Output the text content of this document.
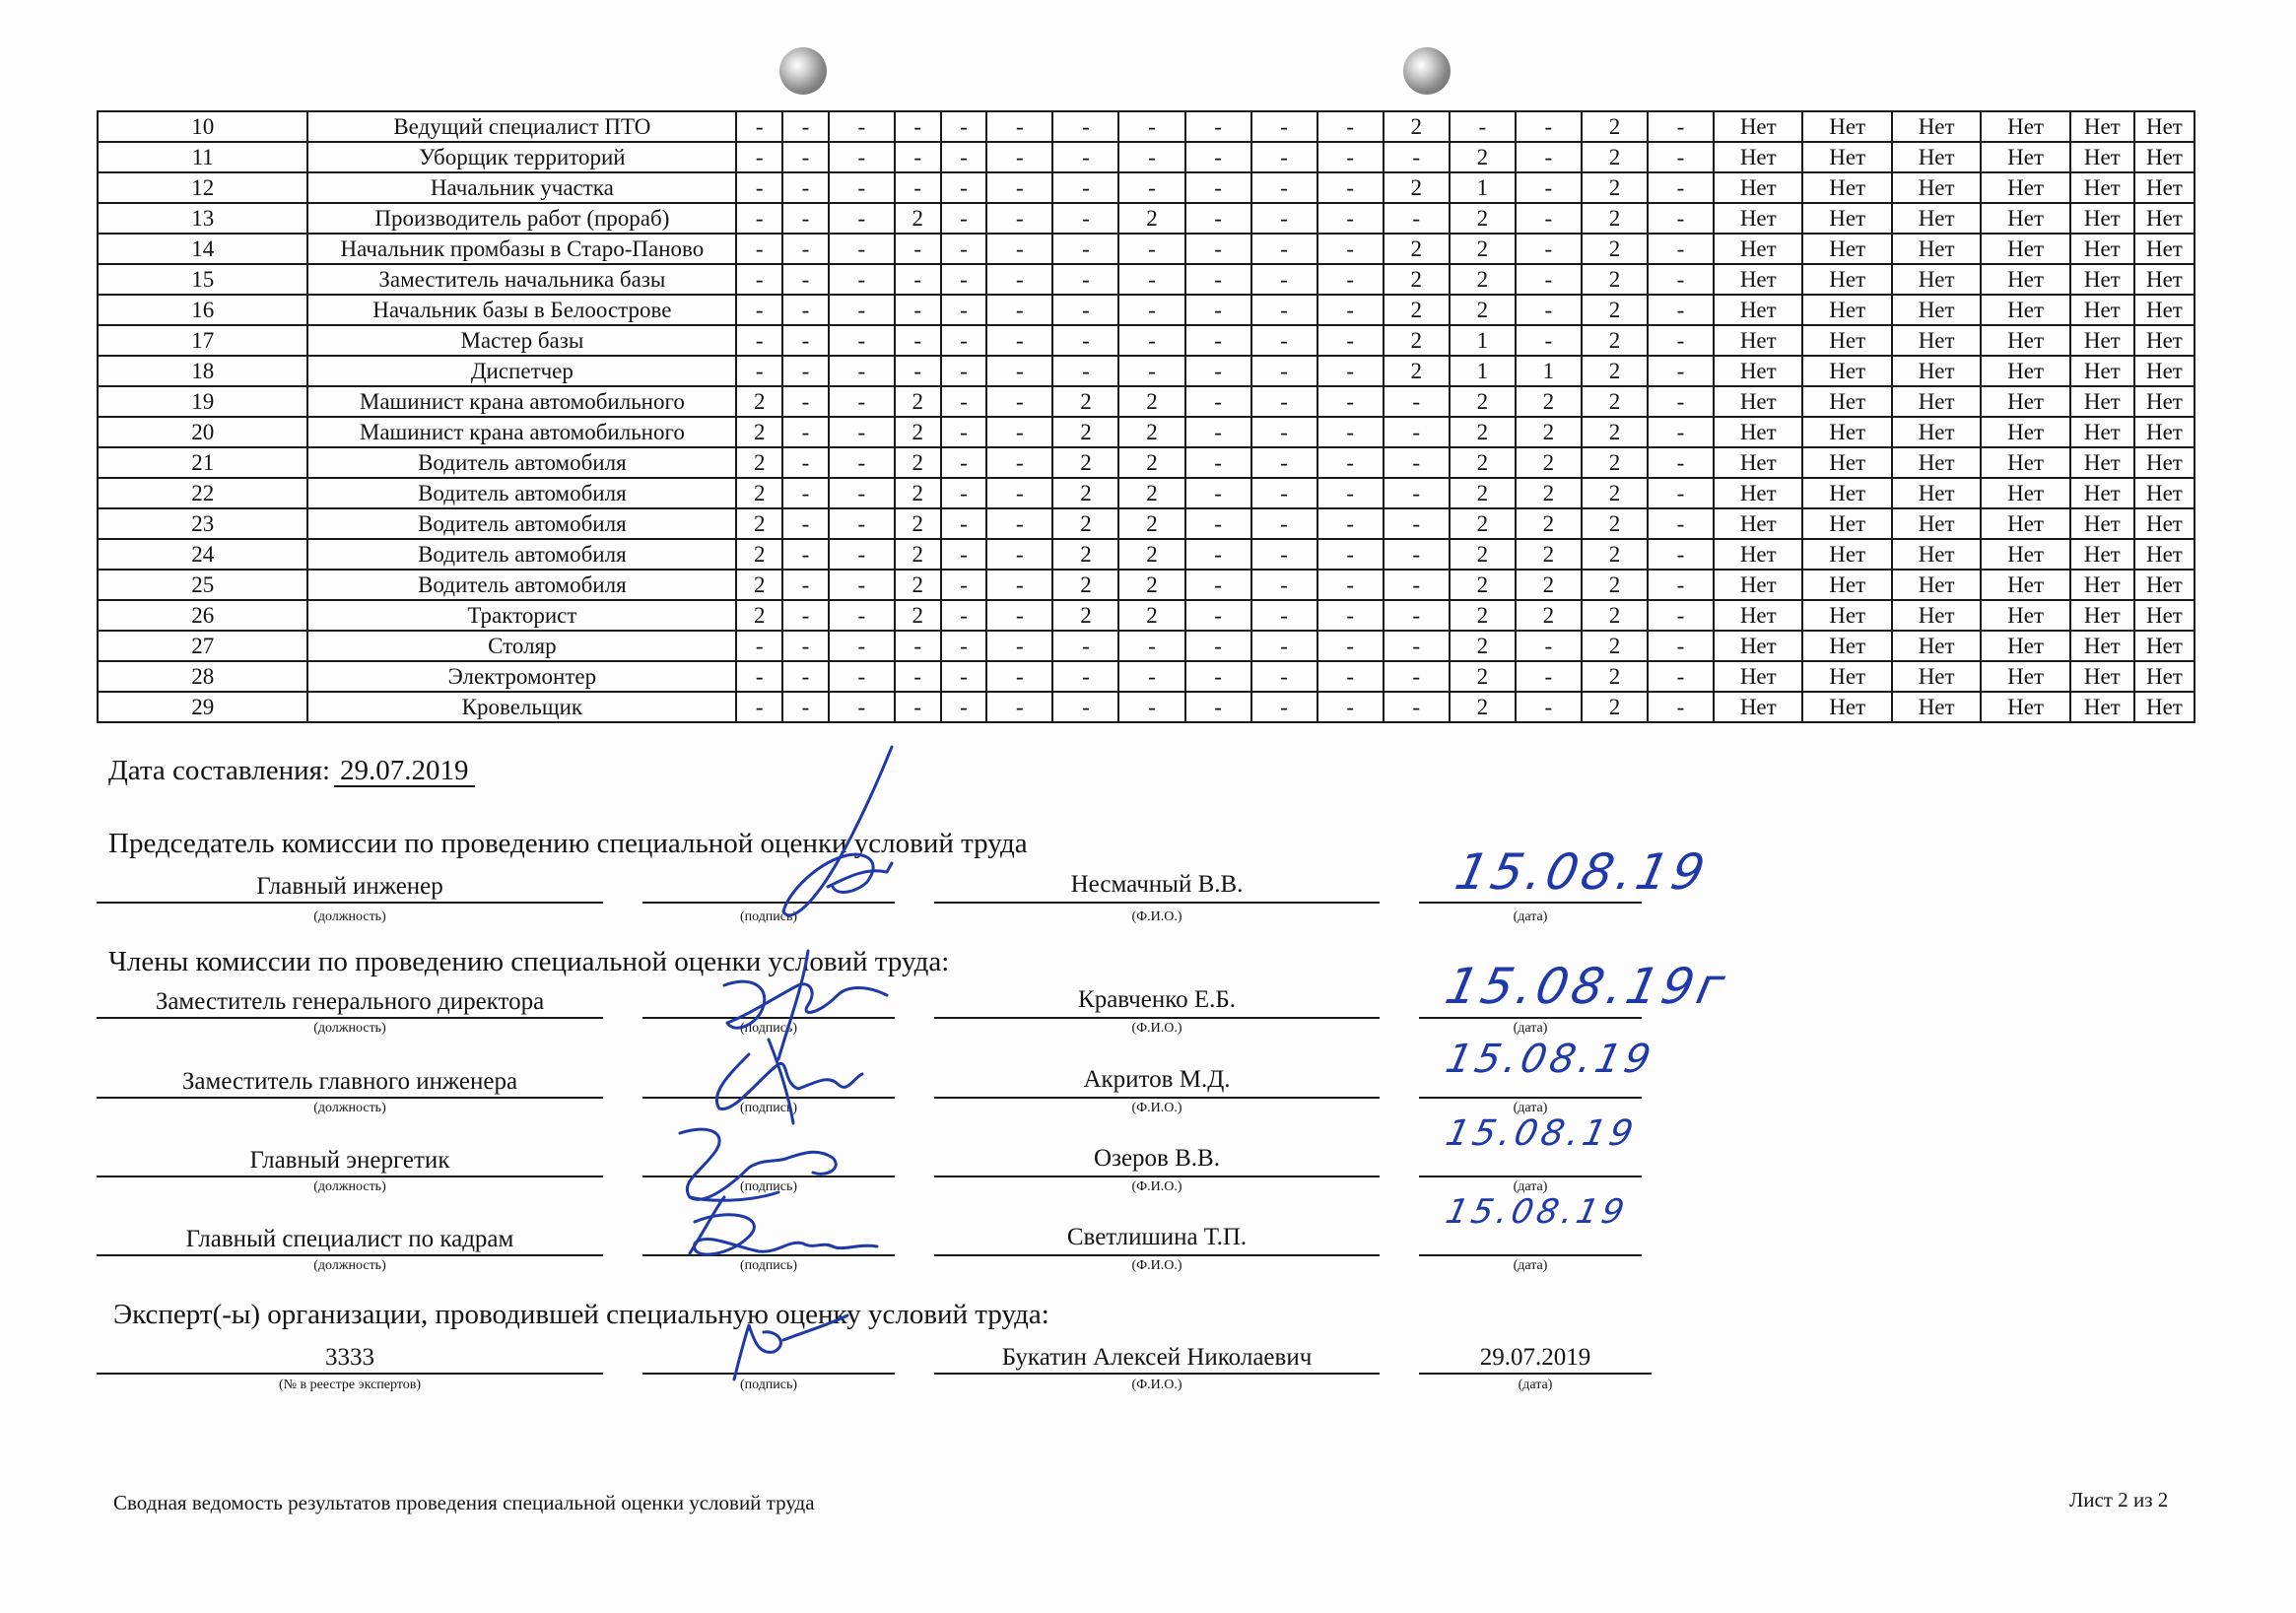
10	Ведущий специалист ПТО	-	-	-	-	-	-	-	-	-	-	-	2	-	-	2	-	Нет	Нет	Нет	Нет	Нет	Нет
11	Уборщик территорий	-	-	-	-	-	-	-	-	-	-	-	-	2	-	2	-	Нет	Нет	Нет	Нет	Нет	Нет
12	Начальник участка	-	-	-	-	-	-	-	-	-	-	-	2	1	-	2	-	Нет	Нет	Нет	Нет	Нет	Нет
13	Производитель работ (прораб)	-	-	-	2	-	-	-	2	-	-	-	-	2	-	2	-	Нет	Нет	Нет	Нет	Нет	Нет
14	Начальник промбазы в Старо-Паново	-	-	-	-	-	-	-	-	-	-	-	2	2	-	2	-	Нет	Нет	Нет	Нет	Нет	Нет
15	Заместитель начальника базы	-	-	-	-	-	-	-	-	-	-	-	2	2	-	2	-	Нет	Нет	Нет	Нет	Нет	Нет
16	Начальник базы в Белоострове	-	-	-	-	-	-	-	-	-	-	-	2	2	-	2	-	Нет	Нет	Нет	Нет	Нет	Нет
17	Мастер базы	-	-	-	-	-	-	-	-	-	-	-	2	1	-	2	-	Нет	Нет	Нет	Нет	Нет	Нет
18	Диспетчер	-	-	-	-	-	-	-	-	-	-	-	2	1	1	2	-	Нет	Нет	Нет	Нет	Нет	Нет
19	Машинист крана автомобильного	2	-	-	2	-	-	2	2	-	-	-	-	2	2	2	-	Нет	Нет	Нет	Нет	Нет	Нет
20	Машинист крана автомобильного	2	-	-	2	-	-	2	2	-	-	-	-	2	2	2	-	Нет	Нет	Нет	Нет	Нет	Нет
21	Водитель автомобиля	2	-	-	2	-	-	2	2	-	-	-	-	2	2	2	-	Нет	Нет	Нет	Нет	Нет	Нет
22	Водитель автомобиля	2	-	-	2	-	-	2	2	-	-	-	-	2	2	2	-	Нет	Нет	Нет	Нет	Нет	Нет
23	Водитель автомобиля	2	-	-	2	-	-	2	2	-	-	-	-	2	2	2	-	Нет	Нет	Нет	Нет	Нет	Нет
24	Водитель автомобиля	2	-	-	2	-	-	2	2	-	-	-	-	2	2	2	-	Нет	Нет	Нет	Нет	Нет	Нет
25	Водитель автомобиля	2	-	-	2	-	-	2	2	-	-	-	-	2	2	2	-	Нет	Нет	Нет	Нет	Нет	Нет
26	Тракторист	2	-	-	2	-	-	2	2	-	-	-	-	2	2	2	-	Нет	Нет	Нет	Нет	Нет	Нет
27	Столяр	-	-	-	-	-	-	-	-	-	-	-	-	2	-	2	-	Нет	Нет	Нет	Нет	Нет	Нет
28	Электромонтер	-	-	-	-	-	-	-	-	-	-	-	-	2	-	2	-	Нет	Нет	Нет	Нет	Нет	Нет
29	Кровельщик	-	-	-	-	-	-	-	-	-	-	-	-	2	-	2	-	Нет	Нет	Нет	Нет	Нет	Нет
Дата составления: 29.07.2019
Председатель комиссии по проведению специальной оценки условий труда
Главный инженер	Несмачный В.В.
(должность)	(подпись)	(Ф.И.О.)	(дата)
15.08.19
Члены комиссии по проведению специальной оценки условий труда:
Заместитель генерального директора	Кравченко Е.Б.
(должность)	(подпись)	(Ф.И.О.)	(дата)
15.08.19г
Заместитель главного инженера	Акритов М.Д.
(должность)	(подпись)	(Ф.И.О.)	(дата)
15.08.19
Главный энергетик	Озеров В.В.
(должность)	(подпись)	(Ф.И.О.)	(дата)
15.08.19
Главный специалист по кадрам	Светлишина Т.П.
(должность)	(подпись)	(Ф.И.О.)	(дата)
15.08.19
Эксперт(-ы) организации, проводившей специальную оценку условий труда:
3333	Букатин Алексей Николаевич	29.07.2019
(№ в реестре экспертов)	(подпись)	(Ф.И.О.)	(дата)
Сводная ведомость результатов проведения специальной оценки условий труда	Лист 2 из 2
